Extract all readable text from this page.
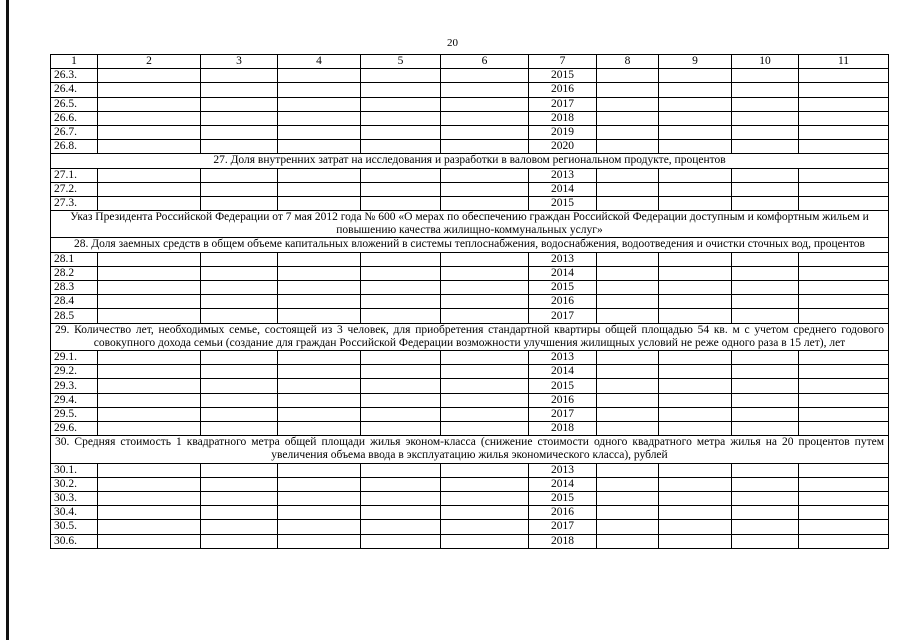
20
1	2	3	4	5	6	7	8	9	10	11
26.3.						2015				
26.4.						2016				
26.5.						2017				
26.6.						2018				
26.7.						2019				
26.8.						2020				
27. Доля внутренних затрат на исследования и разработки в валовом региональном продукте, процентов										
27.1.						2013				
27.2.						2014				
27.3.						2015				
Указ Президента Российской Федерации от 7 мая 2012 года № 600 «О мерах по обеспечению граждан Российской Федерации доступным и комфортным жильем и повышению качества жилищно-коммунальных услуг»										
28. Доля заемных средств в общем объеме капитальных вложений в системы теплоснабжения, водоснабжения, водоотведения и очистки сточных вод, процентов										
28.1						2013				
28.2						2014				
28.3						2015				
28.4						2016				
28.5						2017				
29. Количество лет, необходимых семье, состоящей из 3 человек, для приобретения стандартной квартиры общей площадью 54 кв. м с учетом среднего годового совокупного дохода семьи (создание для граждан Российской Федерации возможности улучшения жилищных условий не реже одного раза в 15 лет), лет										
29.1.						2013				
29.2.						2014				
29.3.						2015				
29.4.						2016				
29.5.						2017				
29.6.						2018				
30. Средняя стоимость 1 квадратного метра общей площади жилья эконом-класса (снижение стоимости одного квадратного метра жилья на 20 процентов путем увеличения объема ввода в эксплуатацию жилья экономического класса), рублей										
30.1.						2013				
30.2.						2014				
30.3.						2015				
30.4.						2016				
30.5.						2017				
30.6.						2018				
